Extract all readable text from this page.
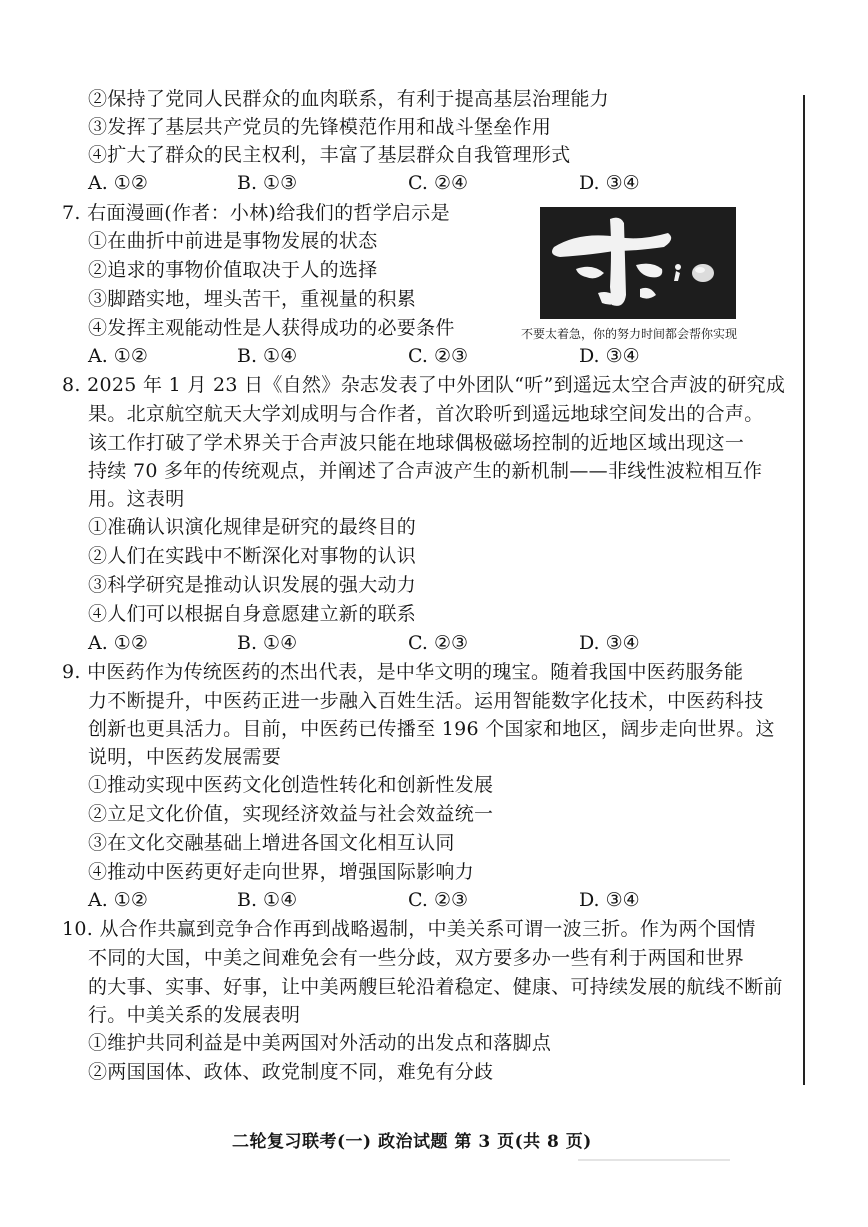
②保持了党同人民群众的血肉联系，有利于提高基层治理能力
③发挥了基层共产党员的先锋模范作用和战斗堡垒作用
④扩大了群众的民主权利，丰富了基层群众自我管理形式
A. ①②	B. ①③	C. ②④	D. ③④
7. 右面漫画(作者：小林)给我们的哲学启示是
①在曲折中前进是事物发展的状态
②追求的事物价值取决于人的选择
③脚踏实地，埋头苦干，重视量的积累
④发挥主观能动性是人获得成功的必要条件	不要太着急，你的努力时间都会帮你实现
A. ①②	B. ①④	C. ②③	D. ③④
8. 2025 年 1 月 23 日《自然》杂志发表了中外团队“听”到遥远太空合声波的研究成
果。北京航空航天大学刘成明与合作者，首次聆听到遥远地球空间发出的合声。
该工作打破了学术界关于合声波只能在地球偶极磁场控制的近地区域出现这一
持续 70 多年的传统观点，并阐述了合声波产生的新机制——非线性波粒相互作
用。这表明
①准确认识演化规律是研究的最终目的
②人们在实践中不断深化对事物的认识
③科学研究是推动认识发展的强大动力
④人们可以根据自身意愿建立新的联系
A. ①②	B. ①④	C. ②③	D. ③④
9. 中医药作为传统医药的杰出代表，是中华文明的瑰宝。随着我国中医药服务能
力不断提升，中医药正进一步融入百姓生活。运用智能数字化技术，中医药科技
创新也更具活力。目前，中医药已传播至 196 个国家和地区，阔步走向世界。这
说明，中医药发展需要
①推动实现中医药文化创造性转化和创新性发展
②立足文化价值，实现经济效益与社会效益统一
③在文化交融基础上增进各国文化相互认同
④推动中医药更好走向世界，增强国际影响力
A. ①②	B. ①④	C. ②③	D. ③④
10. 从合作共赢到竞争合作再到战略遏制，中美关系可谓一波三折。作为两个国情
不同的大国，中美之间难免会有一些分歧，双方要多办一些有利于两国和世界
的大事、实事、好事，让中美两艘巨轮沿着稳定、健康、可持续发展的航线不断前
行。中美关系的发展表明
①维护共同利益是中美两国对外活动的出发点和落脚点
②两国国体、政体、政党制度不同，难免有分歧
二轮复习联考(一) 政治试题 第 3 页(共 8 页)
